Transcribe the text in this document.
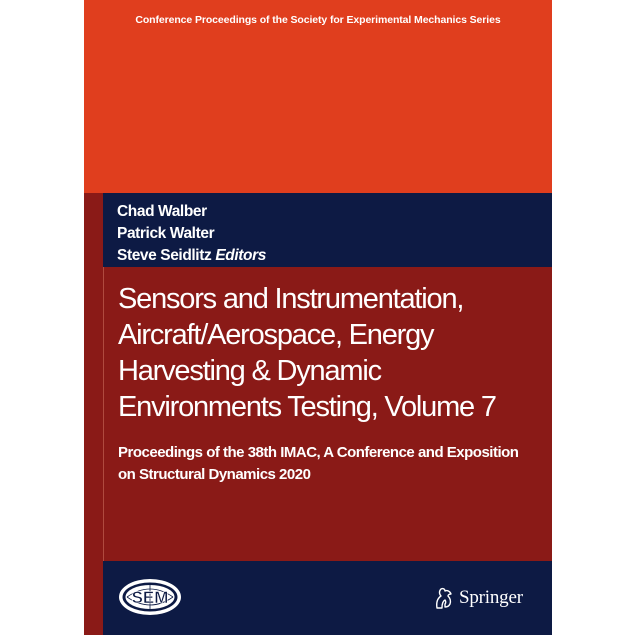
Conference Proceedings of the Society for Experimental Mechanics Series
Chad Walber
Patrick Walter
Steve Seidlitz Editors
Sensors and Instrumentation, Aircraft/Aerospace, Energy Harvesting & Dynamic Environments Testing, Volume 7

Proceedings of the 38th IMAC, A Conference and Exposition on Structural Dynamics 2020

SEM	Springer
